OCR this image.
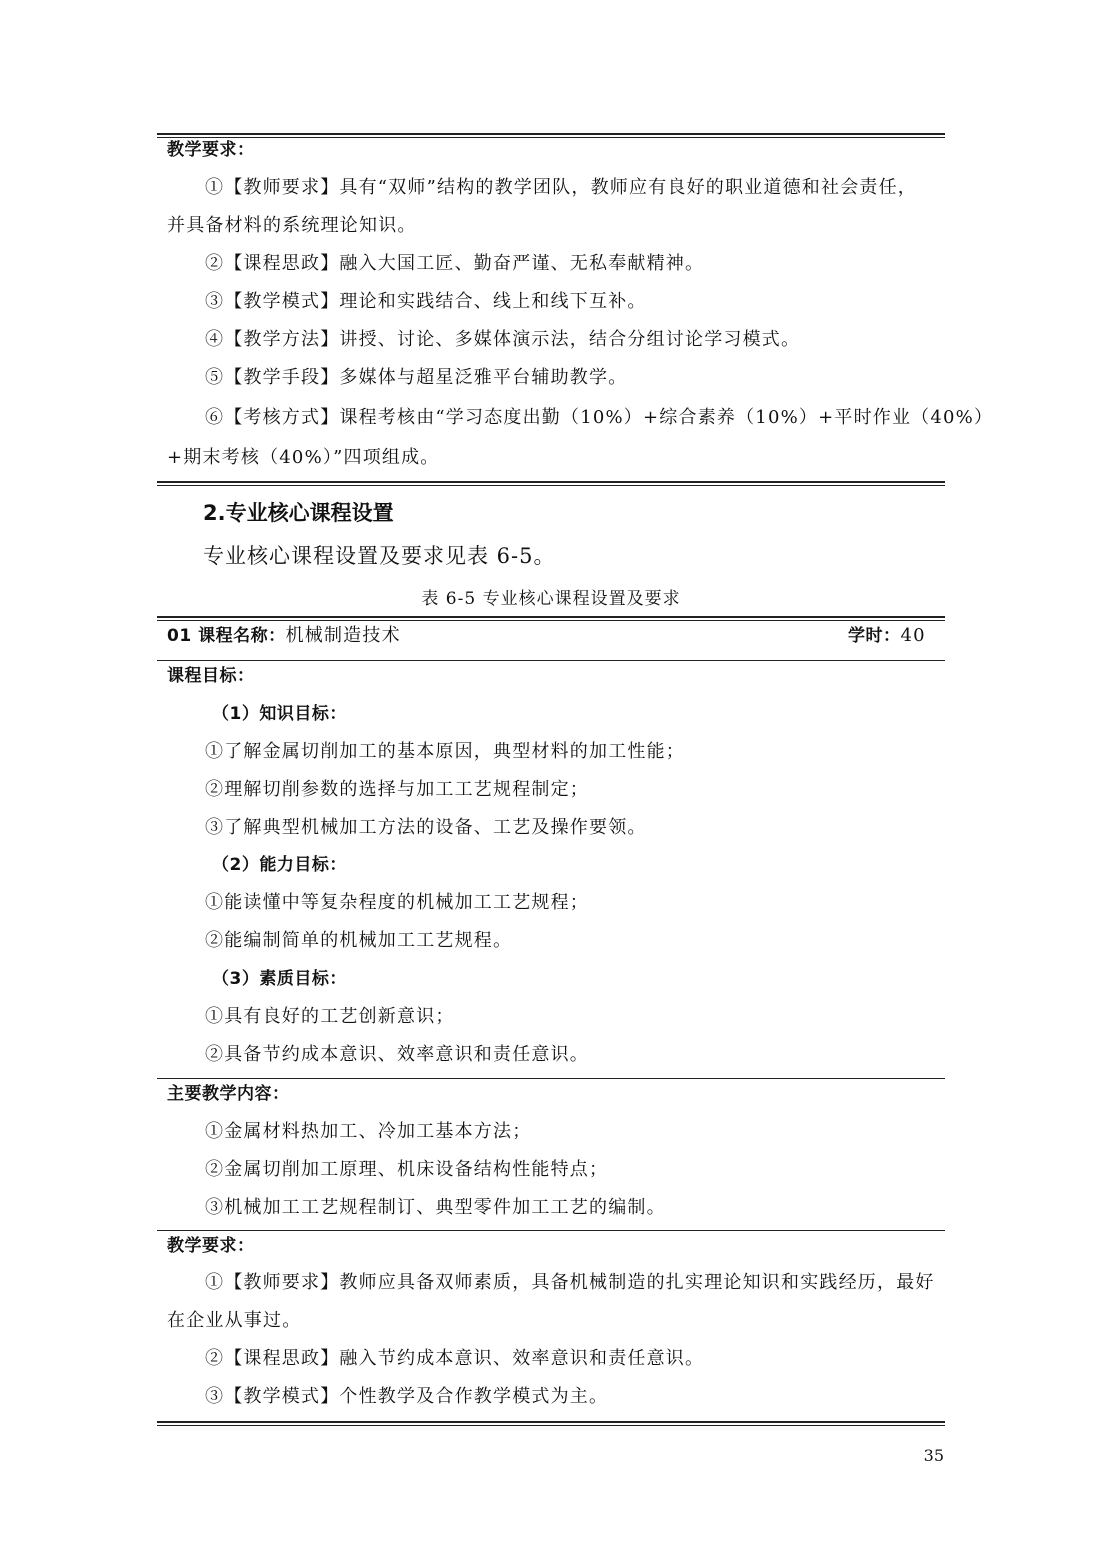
教学要求：
①【教师要求】具有“双师”结构的教学团队，教师应有良好的职业道德和社会责任，
并具备材料的系统理论知识。
②【课程思政】融入大国工匠、勤奋严谨、无私奉献精神。
③【教学模式】理论和实践结合、线上和线下互补。
④【教学方法】讲授、讨论、多媒体演示法，结合分组讨论学习模式。
⑤【教学手段】多媒体与超星泛雅平台辅助教学。
⑥【考核方式】课程考核由“学习态度出勤（10%）+综合素养（10%）+平时作业（40%）
+期末考核（40%）”四项组成。
2.专业核心课程设置
专业核心课程设置及要求见表 6-5。
表 6-5 专业核心课程设置及要求
01 课程名称：机械制造技术	学时：40
课程目标：
（1）知识目标：
①了解金属切削加工的基本原因，典型材料的加工性能；
②理解切削参数的选择与加工工艺规程制定；
③了解典型机械加工方法的设备、工艺及操作要领。
（2）能力目标：
①能读懂中等复杂程度的机械加工工艺规程；
②能编制简单的机械加工工艺规程。
（3）素质目标：
①具有良好的工艺创新意识；
②具备节约成本意识、效率意识和责任意识。
主要教学内容：
①金属材料热加工、冷加工基本方法；
②金属切削加工原理、机床设备结构性能特点；
③机械加工工艺规程制订、典型零件加工工艺的编制。
教学要求：
①【教师要求】教师应具备双师素质，具备机械制造的扎实理论知识和实践经历，最好
在企业从事过。
②【课程思政】融入节约成本意识、效率意识和责任意识。
③【教学模式】个性教学及合作教学模式为主。
35
